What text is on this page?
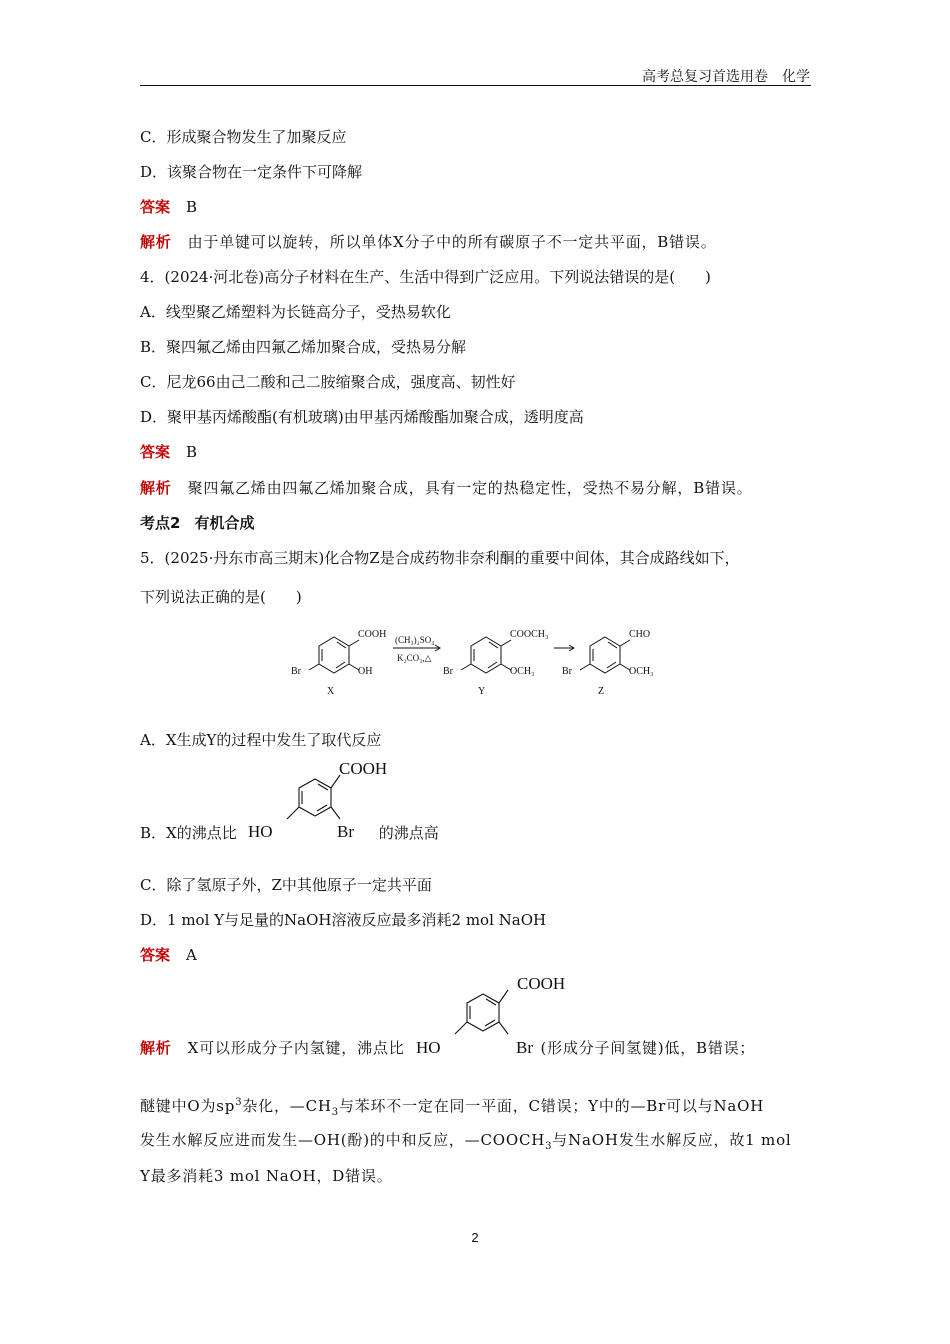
高考总复习首选用卷　化学
C．形成聚合物发生了加聚反应
D．该聚合物在一定条件下可降解
答案 B
解析 由于单键可以旋转，所以单体X分子中的所有碳原子不一定共平面，B错误。
4．(2024·河北卷)高分子材料在生产、生活中得到广泛应用。下列说法错误的是( )
A．线型聚乙烯塑料为长链高分子，受热易软化
B．聚四氟乙烯由四氟乙烯加聚合成，受热易分解
C．尼龙66由己二酸和己二胺缩聚合成，强度高、韧性好
D．聚甲基丙烯酸酯(有机玻璃)由甲基丙烯酸酯加聚合成，透明度高
答案 B
解析 聚四氟乙烯由四氟乙烯加聚合成，具有一定的热稳定性，受热不易分解，B错误。
考点2 有机合成
5．(2025·丹东市高三期末)化合物Z是合成药物非奈利酮的重要中间体，其合成路线如下，
下列说法正确的是( )
COOH
OH
Br
X
(CH₃)₂SO₄
K₂CO₃,△
COOCH₃
OCH₃
Br
Y
CHO
OCH₃
Br
Z
A．X生成Y的过程中发生了取代反应
B．X的沸点比	的沸点高
COOH
HO	Br
C．除了氢原子外，Z中其他原子一定共平面
D．1 mol Y与足量的NaOH溶液反应最多消耗2 mol NaOH
答案 A
解析 X可以形成分子内氢键，沸点比	(形成分子间氢键)低，B错误；
COOH
HO	Br
醚键中O为$sp^3$杂化，$—CH_3$与苯环不一定在同一平面，C错误；Y中的—Br可以与NaOH
发生水解反应进而发生—OH(酚)的中和反应，$—COOCH_3$与NaOH发生水解反应，故1 mol
Y最多消耗3 mol NaOH，D错误。
2
